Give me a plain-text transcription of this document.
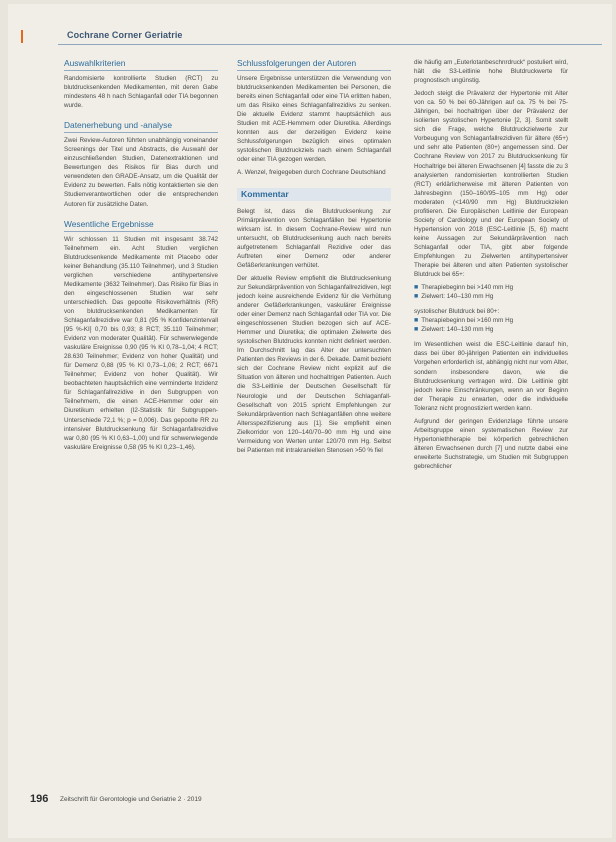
Cochrane Corner Geriatrie
Auswahlkriterien
Randomisierte kontrollierte Studien (RCT) zu blutdrucksenkenden Medikamenten, mit deren Gabe mindestens 48 h nach Schlaganfall oder TIA begonnen wurde.
Datenerhebung und -analyse
Zwei Review-Autoren führten unabhängig voneinander Screenings der Titel und Abstracts, die Auswahl der einzuschließenden Studien, Datenextraktionen und Bewertungen des Risikos für Bias durch und verwendeten den GRADE-Ansatz, um die Qualität der Evidenz zu bewerten. Falls nötig kontaktierten sie den Studienverantwortlichen oder die entsprechenden Autoren für zusätzliche Daten.
Wesentliche Ergebnisse
Wir schlossen 11 Studien mit insgesamt 38.742 Teilnehmern ein. Acht Studien verglichen Blutdrucksenkende Medikamente mit Placebo oder keiner Behandlung (35.110 Teilnehmer), und 3 Studien verglichen verschiedene antihypertensive Medikamente (3632 Teilnehmer). Das Risiko für Bias in den eingeschlossenen Studien war sehr unterschiedlich. Das gepoolte Risikoverhältnis (RR) von blutdrucksenkenden Medikamenten für Schlaganfallrezidive war 0,81 (95 % Konfidenzintervall [95 %-KI] 0,70 bis 0,93; 8 RCT; 35.110 Teilnehmer; Evidenz von moderater Qualität). Für schwerwiegende vaskuläre Ereignisse 0,90 (95 % KI 0,78–1,04; 4 RCT; 28.630 Teilnehmer; Evidenz von hoher Qualität) und für Demenz 0,88 (95 % KI 0,73–1,06; 2 RCT; 6671 Teilnehmer; Evidenz von hoher Qualität). Wir beobachteten hauptsächlich eine verminderte Inzidenz für Schlaganfallrezidive in den Subgruppen von Teilnehmern, die einen ACE-Hemmer oder ein Diuretikum erhielten (I2-Statistik für Subgruppen-Unterschiede 72,1 %; p = 0,006). Das gepoolte RR zu intensiver Blutdrucksenkung für Schlaganfallrezidive war 0,80 (95 % KI 0,63–1,00) und für schwerwiegende vaskuläre Ereignisse 0,58 (95 % KI 0,23–1,46).
Schlussfolgerungen der Autoren
Unsere Ergebnisse unterstützen die Verwendung von blutdrucksenkenden Medikamenten bei Personen, die bereits einen Schlaganfall oder eine TIA erlitten haben, um das Risiko eines Schlaganfallrezidivs zu senken. Die aktuelle Evidenz stammt hauptsächlich aus Studien mit ACE-Hemmern oder Diuretika. Allerdings konnten aus der derzeitigen Evidenz keine Schlussfolgerungen bezüglich eines optimalen systolischen Blutdruckziels nach einem Schlaganfall oder einer TIA gezogen werden.
A. Wenzel, freigegeben durch Cochrane Deutschland
Kommentar
Belegt ist, dass die Blutdrucksenkung zur Primärprävention von Schlaganfällen bei Hypertonie wirksam ist. In diesem Cochrane-Review wird nun untersucht, ob Blutdrucksenkung auch nach bereits aufgetretenem Schlaganfall Rezidive oder das Auftreten einer Demenz oder anderer Gefäßerkrankungen verhütet.
Der aktuelle Review empfiehlt die Blutdrucksenkung zur Sekundärprävention von Schlaganfallrezidiven, legt jedoch keine ausreichende Evidenz für die Verhütung anderer Gefäßerkrankungen, vaskulärer Ereignisse oder einer Demenz nach Schlaganfall oder TIA vor. Die eingeschlossenen Studien bezogen sich auf ACE-Hemmer und Diuretika; die optimalen Zielwerte des systolischen Blutdrucks konnten nicht definiert werden. Im Durchschnitt lag das Alter der untersuchten Patienten des Reviews in der 6. Dekade. Damit bezieht sich der Cochrane Review nicht explizit auf die Situation von älteren und hochaltrigen Patienten. Auch die S3-Leitlinie der Deutschen Gesellschaft für Neurologie und der Deutschen Schlaganfall-Gesellschaft von 2015 spricht Empfehlungen zur Sekundärprävention nach Schlaganfällen ohne weitere Altersspezifizierung aus [1]. Sie empfiehlt einen Zielkorridor von 120–140/70–90 mm Hg und eine Vermeidung von Werten unter 120/70 mm Hg. Selbst bei Patienten mit intrakraniellen Stenosen >50 % fiel
die häufig am „Euterlotanbeschnrdruck“ postuliert wird, hält die S3-Leitlinie hohe Blutdruckwerte für prognostisch ungünstig.
Jedoch steigt die Prävalenz der Hypertonie mit Alter von ca. 50 % bei 60-Jährigen auf ca. 75 % bei 75-Jährigen, bei hochaltrigen über der Prävalenz der isolierten systolischen Hypertonie [2, 3]. Somit stellt sich die Frage, welche Blutdruckzielwerte zur Vorbeugung von Schlaganfallrezidiven für ältere (65+) und sehr alte Patienten (80+) angemessen sind. Der Cochrane Review von 2017 zu Blutdrucksenkung für Hochaltrige bei älteren Erwachsenen [4] fasste die zu 3 analysierten randomisierten kontrollierten Studien (RCT) erklärlicherweise mit älteren Patienten von Jahresbeginn (150–160/95–105 mm Hg) oder moderaten (<140/90 mm Hg) Blutdruckzielen profitieren. Die Europäischen Leitlinie der European Society of Cardiology und der European Society of Hypertension von 2018 (ESC-Leitlinie [5, 6]) macht keine Aussagen zur Sekundärprävention nach Schlaganfall oder TIA, gibt aber folgende Empfehlungen zu Zielwerten antihypertensiver Therapie bei älteren und alten Patienten systolischer Blutdruck bei 65+:
■ Therapiebeginn bei >140 mm Hg
■ Zielwert: 140–130 mm Hg
systolischer Blutdruck bei 80+:
■ Therapiebeginn bei >160 mm Hg
■ Zielwert: 140–130 mm Hg
Im Wesentlichen weist die ESC-Leitlinie darauf hin, dass bei über 80-jährigen Patienten ein individuelles Vorgehen erforderlich ist, abhängig nicht nur vom Alter, sondern insbesondere davon, wie die Blutdrucksenkung vertragen wird. Die Leitlinie gibt jedoch keine Einschränkungen, wenn an vor Beginn der Therapie zu erwarten, oder die individuelle Toleranz nicht prognostiziert werden kann.
Aufgrund der geringen Evidenzlage führte unsere Arbeitsgruppe einen systematischen Review zur Hypertoniethherapie bei körperlich gebrechlichen älteren Erwachsenen durch [7] und nutzte dabei eine erweiterte Suchstrategie, um Studien mit Subgruppen gebrechlicher
196 Zeitschrift für Gerontologie und Geriatrie 2 · 2019
